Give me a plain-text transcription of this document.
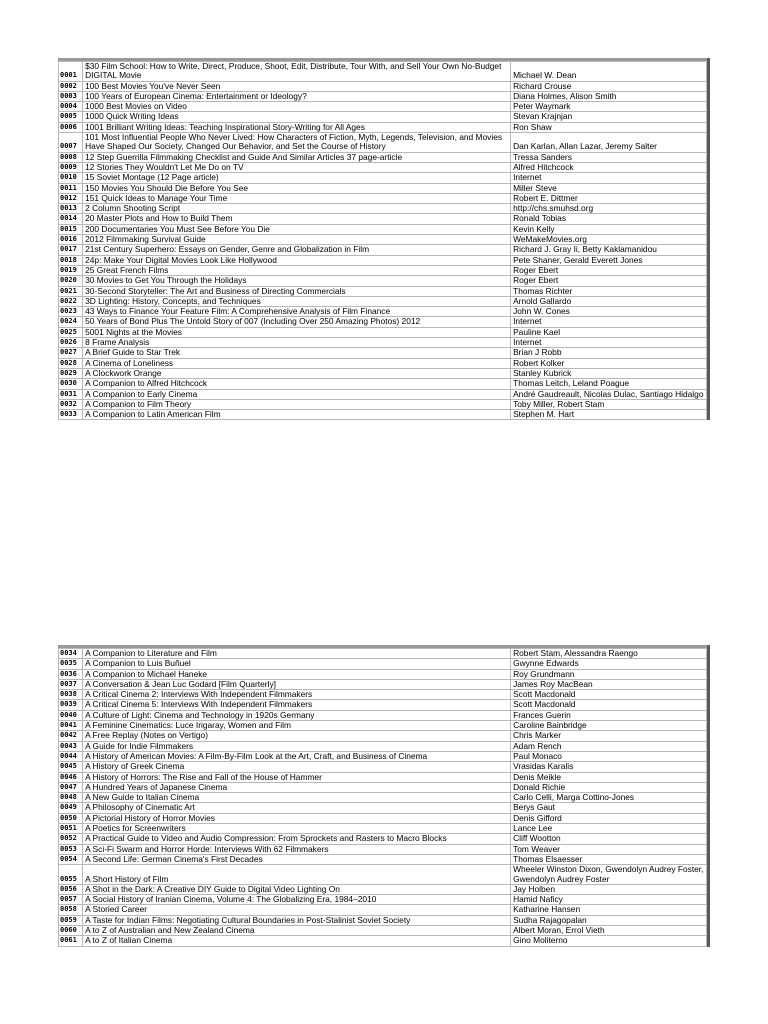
0001	$30 Film School: How to Write, Direct, Produce, Shoot, Edit, Distribute, Tour With, and Sell Your Own No-Budget DIGITAL Movie	Michael W. Dean
0002	100 Best Movies You've Never Seen	Richard Crouse
0003	100 Years of European Cinema: Entertainment or Ideology?	Diana Holmes, Alison Smith
0004	1000 Best Movies on Video	Peter Waymark
0005	1000 Quick Writing Ideas	Stevan Krajnjan
0006	1001 Brilliant Writing Ideas: Teaching Inspirational Story-Writing for All Ages	Ron Shaw
0007	101 Most Influential People Who Never Lived: How Characters of Fiction, Myth, Legends, Television, and Movies Have Shaped Our Society, Changed Our Behavior, and Set the Course of History	Dan Karlan, Allan Lazar, Jeremy Salter
0008	12 Step Guerrilla Filmmaking Checklist and Guide And Similar Articles 37 page-article	Tressa Sanders
0009	12 Stories They Wouldn't Let Me Do on TV	Alfred Hitchcock
0010	15 Soviet Montage (12 Page article)	Internet
0011	150 Movies You Should Die Before You See	Miller Steve
0012	151 Quick Ideas to Manage Your Time	Robert E. Dittmer
0013	2 Column Shooting Script	http://chs.smuhsd.org
0014	20 Master Plots and How to Build Them	Ronald Tobias
0015	200 Documentaries You Must See Before You Die	Kevin Kelly
0016	2012 Filmmaking Survival Guide	WeMakeMovies.org
0017	21st Century Superhero: Essays on Gender, Genre and Globalization in Film	Richard J. Gray Ii, Betty Kaklamanidou
0018	24p: Make Your Digital Movies Look Like Hollywood	Pete Shaner, Gerald Everett Jones
0019	25 Great French Films	Roger Ebert
0020	30 Movies to Get You Through the Holidays	Roger Ebert
0021	30-Second Storyteller: The Art and Business of Directing Commercials	Thomas Richter
0022	3D Lighting: History, Concepts, and Techniques	Arnold Gallardo
0023	43 Ways to Finance Your Feature Film: A Comprehensive Analysis of Film Finance	John W. Cones
0024	50 Years of Bond Plus The Untold Story of 007 (Including Over 250 Amazing Photos) 2012	Internet
0025	5001 Nights at the Movies	Pauline Kael
0026	8 Frame Analysis	Internet
0027	A Brief Guide to Star Trek	Brian J Robb
0028	A Cinema of Loneliness	Robert Kolker
0029	A Clockwork Orange	Stanley Kubrick
0030	A Companion to Alfred Hitchcock	Thomas Leitch, Leland Poague
0031	A Companion to Early Cinema	André Gaudreault, Nicolas Dulac, Santiago Hidalgo
0032	A Companion to Film Theory	Toby Miller, Robert Stam
0033	A Companion to Latin American Film	Stephen M. Hart
0034	A Companion to Literature and Film	Robert Stam, Alessandra Raengo
0035	A Companion to Luis Buñuel	Gwynne Edwards
0036	A Companion to Michael Haneke	Roy Grundmann
0037	A Conversation & Jean Luc Godard [Film Quarterly]	James Roy MacBean
0038	A Critical Cinema 2: Interviews With Independent Filmmakers	Scott Macdonald
0039	A Critical Cinema 5: Interviews With Independent Filmmakers	Scott Macdonald
0040	A Culture of Light: Cinema and Technology in 1920s Germany	Frances Guerin
0041	A Feminine Cinematics: Luce Irigaray, Women and Film	Caroline Bainbridge
0042	A Free Replay (Notes on Vertigo)	Chris Marker
0043	A Guide for Indie Filmmakers	Adam Rench
0044	A History of American Movies: A Film-By-Film Look at the Art, Craft, and Business of Cinema	Paul Monaco
0045	A History of Greek Cinema	Vrasidas Karalis
0046	A History of Horrors: The Rise and Fall of the House of Hammer	Denis Meikle
0047	A Hundred Years of Japanese Cinema	Donald Richie
0048	A New Guide to Italian Cinema	Carlo Celli, Marga Cottino-Jones
0049	A Philosophy of Cinematic Art	Berys Gaut
0050	A Pictorial History of Horror Movies	Denis Gifford
0051	A Poetics for Screenwriters	Lance Lee
0052	A Practical Guide to Video and Audio Compression: From Sprockets and Rasters to Macro Blocks	Cliff Wootton
0053	A Sci-Fi Swarm and Horror Horde: Interviews With 62 Filmmakers	Tom Weaver
0054	A Second Life: German Cinema's First Decades	Thomas Elsaesser
0055	A Short History of Film	Wheeler Winston Dixon, Gwendolyn Audrey Foster, Gwendolyn Audrey Foster
0056	A Shot in the Dark: A Creative DIY Guide to Digital Video Lighting On	Jay Holben
0057	A Social History of Iranian Cinema, Volume 4: The Globalizing Era, 1984–2010	Hamid Naficy
0058	A Storied Career	Katharine Hansen
0059	A Taste for Indian Films: Negotiating Cultural Boundaries in Post-Stalinist Soviet Society	Sudha Rajagopalan
0060	A to Z of Australian and New Zealand Cinema	Albert Moran, Errol Vieth
0061	A to Z of Italian Cinema	Gino Moliterno
